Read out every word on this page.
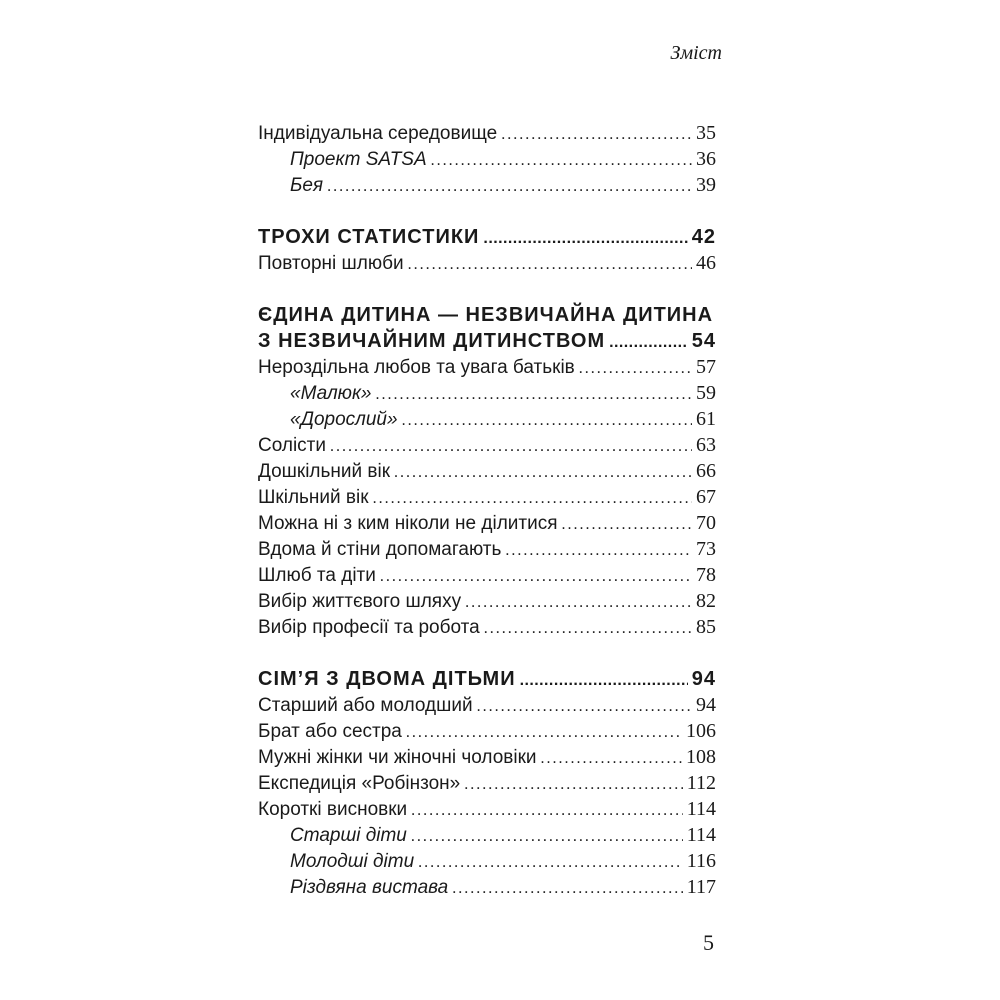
Зміст
Індивідуальна середовище . . .	35
Проект SATSA . . .	36
Бея . . .	39
ТРОХИ СТАТИСТИКИ . . .	42
Повторні шлюби . . .	46
ЄДИНА ДИТИНА — НЕЗВИЧАЙНА ДИТИНА
З НЕЗВИЧАЙНИМ ДИТИНСТВОМ . . .	54
Нероздільна любов та увага батьків . . .	57
«Малюк» . . .	59
«Дорослий» . . .	61
Солісти . . .	63
Дошкільний вік . . .	66
Шкільний вік . . .	67
Можна ні з ким ніколи не ділитися . . .	70
Вдома й стіни допомагають . . .	73
Шлюб та діти . . .	78
Вибір життєвого шляху . . .	82
Вибір професії та робота . . .	85
СІМ’Я З ДВОМА ДІТЬМИ . . .	94
Старший або молодший . . .	94
Брат або сестра . . .	106
Мужні жінки чи жіночні чоловіки . . .	108
Експедиція «Робінзон» . . .	112
Короткі висновки . . .	114
Старші діти . . .	114
Молодші діти . . .	116
Різдвяна вистава . . .	117
5
